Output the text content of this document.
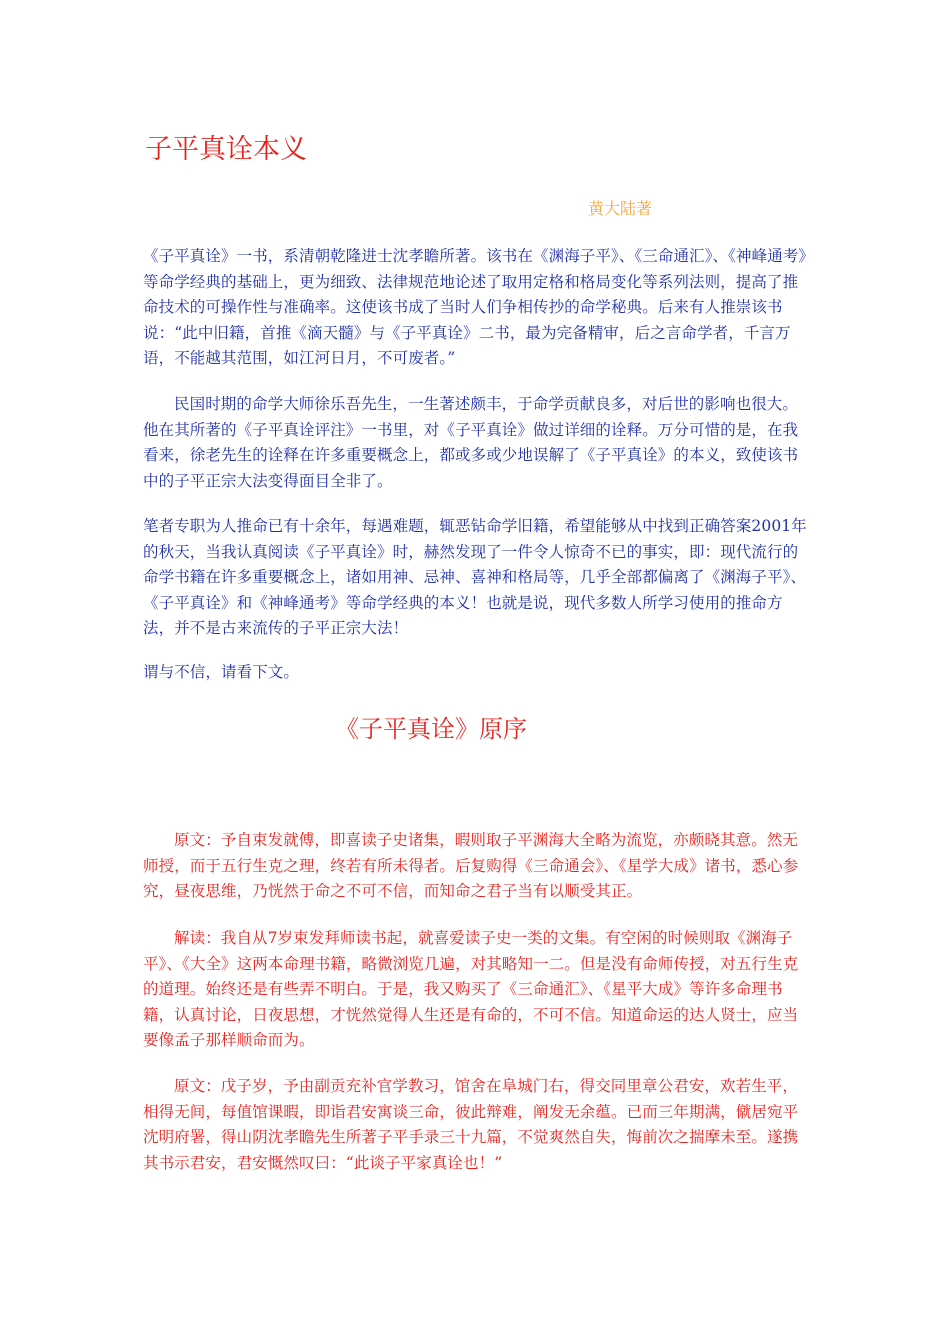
子平真诠本义
黄大陆著

《子平真诠》一书，系清朝乾隆进士沈孝瞻所著。该书在《渊海子平》、《三命通汇》、《神峰通考》等命学经典的基础上，更为细致、法律规范地论述了取用定格和格局变化等系列法则，提高了推命技术的可操作性与准确率。这使该书成了当时人们争相传抄的命学秘典。后来有人推崇该书说：“此中旧籍，首推《滴天髓》与《子平真诠》二书，最为完备精审，后之言命学者，千言万语，不能越其范围，如江河日月，不可废者。”

民国时期的命学大师徐乐吾先生，一生著述颇丰，于命学贡献良多，对后世的影响也很大。他在其所著的《子平真诠评注》一书里，对《子平真诠》做过详细的诠释。万分可惜的是，在我看来，徐老先生的诠释在许多重要概念上，都或多或少地误解了《子平真诠》的本义，致使该书中的子平正宗大法变得面目全非了。

笔者专职为人推命已有十余年，每遇难题，辄恶钻命学旧籍，希望能够从中找到正确答案2001年的秋天，当我认真阅读《子平真诠》时，赫然发现了一件令人惊奇不已的事实，即：现代流行的命学书籍在许多重要概念上，诸如用神、忌神、喜神和格局等，几乎全部都偏离了《渊海子平》、《子平真诠》和《神峰通考》等命学经典的本义！也就是说，现代多数人所学习使用的推命方法，并不是古来流传的子平正宗大法！

谓与不信，请看下文。

《子平真诠》原序

原文：予自束发就傅，即喜读子史诸集，暇则取子平渊海大全略为流览，亦颇晓其意。然无师授，而于五行生克之理，终若有所未得者。后复购得《三命通会》、《星学大成》诸书，悉心参究，昼夜思维，乃恍然于命之不可不信，而知命之君子当有以顺受其正。

解读：我自从7岁束发拜师读书起，就喜爱读子史一类的文集。有空闲的时候则取《渊海子平》、《大全》这两本命理书籍，略微浏览几遍，对其略知一二。但是没有命师传授，对五行生克的道理。始终还是有些弄不明白。于是，我又购买了《三命通汇》、《星平大成》等许多命理书籍，认真讨论，日夜思想，才恍然觉得人生还是有命的，不可不信。知道命运的达人贤士，应当要像孟子那样顺命而为。

原文：戊子岁，予由副贡充补官学教习，馆舍在阜城门右，得交同里章公君安，欢若生平，相得无间，每值馆课暇，即诣君安寓谈三命，彼此辩难，阐发无余蕴。已而三年期满，僦居宛平沈明府署，得山阴沈孝瞻先生所著子平手录三十九篇，不觉爽然自失，悔前次之揣摩未至。遂携其书示君安，君安慨然叹曰：“此谈子平家真诠也！”
